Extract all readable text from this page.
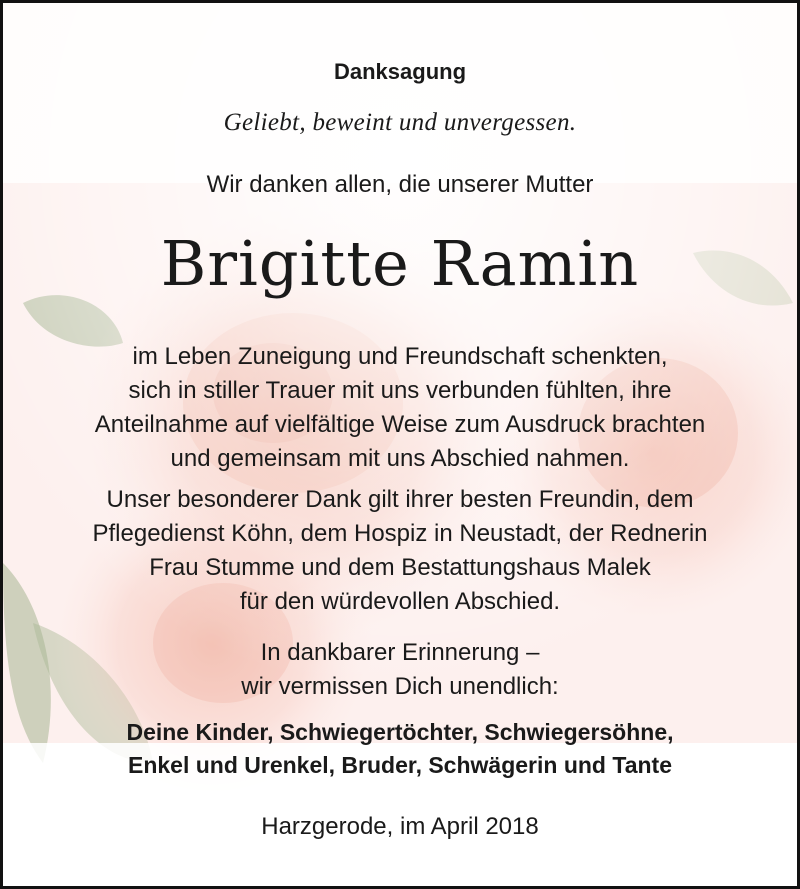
Danksagung
Geliebt, beweint und unvergessen.
Wir danken allen, die unserer Mutter
Brigitte Ramin
im Leben Zuneigung und Freundschaft schenkten,
sich in stiller Trauer mit uns verbunden fühlten, ihre
Anteilnahme auf vielfältige Weise zum Ausdruck brachten
und gemeinsam mit uns Abschied nahmen.
Unser besonderer Dank gilt ihrer besten Freundin, dem
Pflegedienst Köhn, dem Hospiz in Neustadt, der Rednerin
Frau Stumme und dem Bestattungshaus Malek
für den würdevollen Abschied.
In dankbarer Erinnerung –
wir vermissen Dich unendlich:
Deine Kinder, Schwiegertöchter, Schwiegersöhne,
Enkel und Urenkel, Bruder, Schwägerin und Tante
Harzgerode, im April 2018
